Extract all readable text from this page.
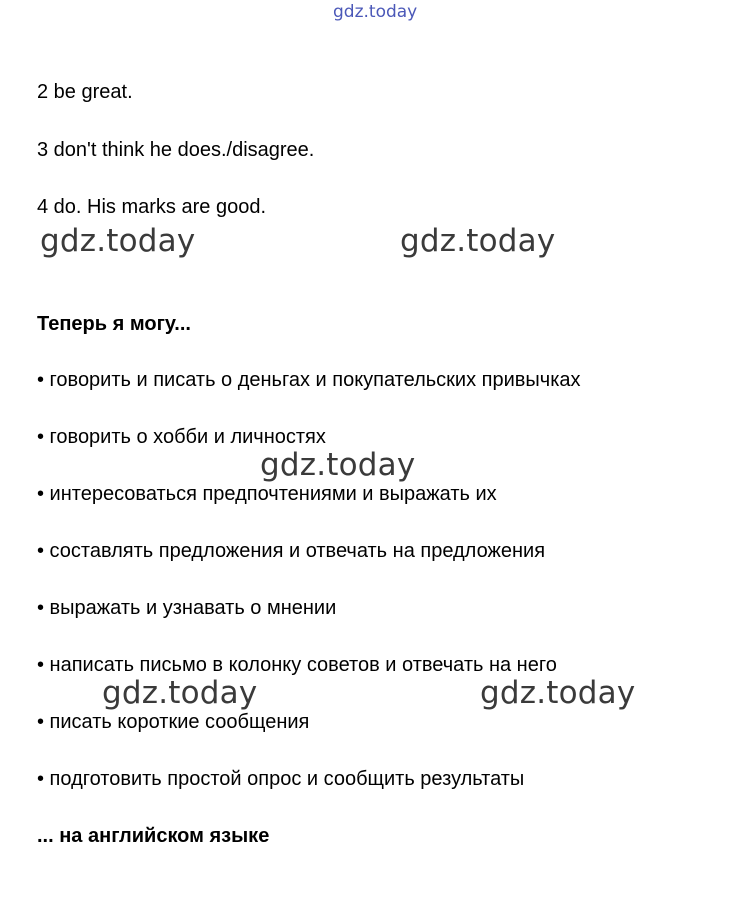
gdz.today
2 be great.
3 don't think he does./disagree.
4 do. His marks are good.
gdz.today	gdz.today
Теперь я могу...
• говорить и писать о деньгах и покупательских привычках
• говорить о хобби и личностях
gdz.today
• интересоваться предпочтениями и выражать их
• составлять предложения и отвечать на предложения
• выражать и узнавать о мнении
• написать письмо в колонку советов и отвечать на него
gdz.today	gdz.today
• писать короткие сообщения
• подготовить простой опрос и сообщить результаты
... на английском языке
